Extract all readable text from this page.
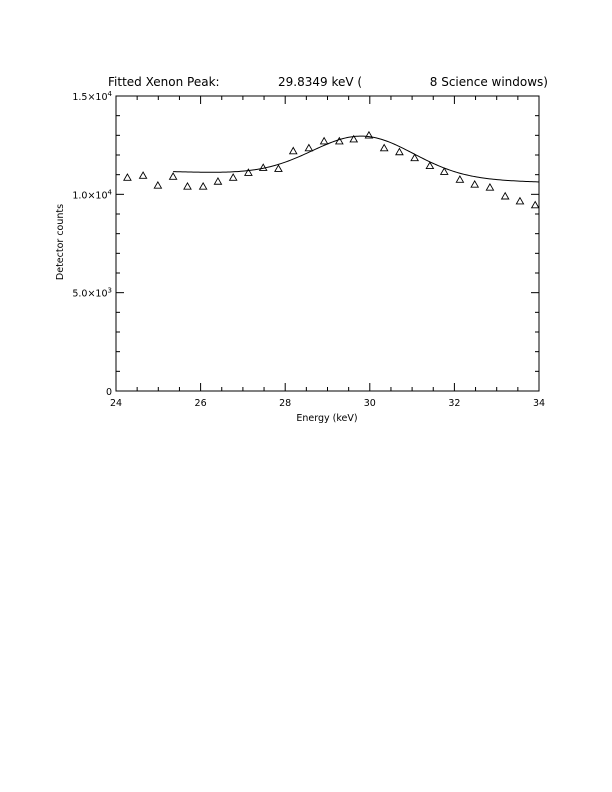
Fitted Xenon Peak:	29.8349 keV (	8 Science windows)
24	26	28	30	32	34
0
$5.0\times 10^3$
$1.0\times 10^4$
$1.5\times 10^4$
Energy (keV)
Detector counts
